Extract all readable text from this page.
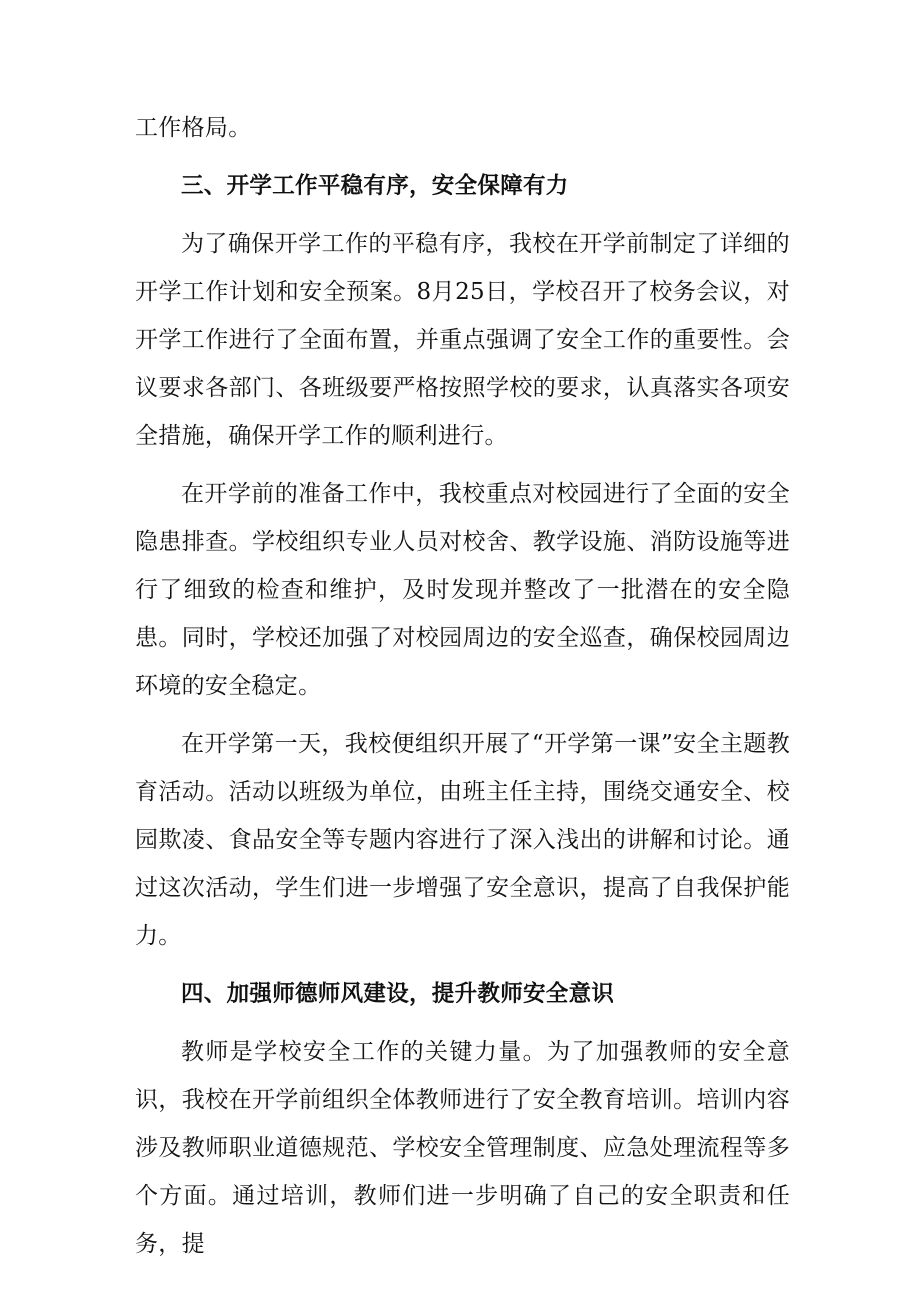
工作格局。

三、开学工作平稳有序，安全保障有力

为了确保开学工作的平稳有序，我校在开学前制定了详细的开学工作计划和安全预案。8月25日，学校召开了校务会议，对开学工作进行了全面布置，并重点强调了安全工作的重要性。会议要求各部门、各班级要严格按照学校的要求，认真落实各项安全措施，确保开学工作的顺利进行。

在开学前的准备工作中，我校重点对校园进行了全面的安全隐患排查。学校组织专业人员对校舍、教学设施、消防设施等进行了细致的检查和维护，及时发现并整改了一批潜在的安全隐患。同时，学校还加强了对校园周边的安全巡查，确保校园周边环境的安全稳定。

在开学第一天，我校便组织开展了“开学第一课”安全主题教育活动。活动以班级为单位，由班主任主持，围绕交通安全、校园欺凌、食品安全等专题内容进行了深入浅出的讲解和讨论。通过这次活动，学生们进一步增强了安全意识，提高了自我保护能力。

四、加强师德师风建设，提升教师安全意识

教师是学校安全工作的关键力量。为了加强教师的安全意识，我校在开学前组织全体教师进行了安全教育培训。培训内容涉及教师职业道德规范、学校安全管理制度、应急处理流程等多个方面。通过培训，教师们进一步明确了自己的安全职责和任务，提
